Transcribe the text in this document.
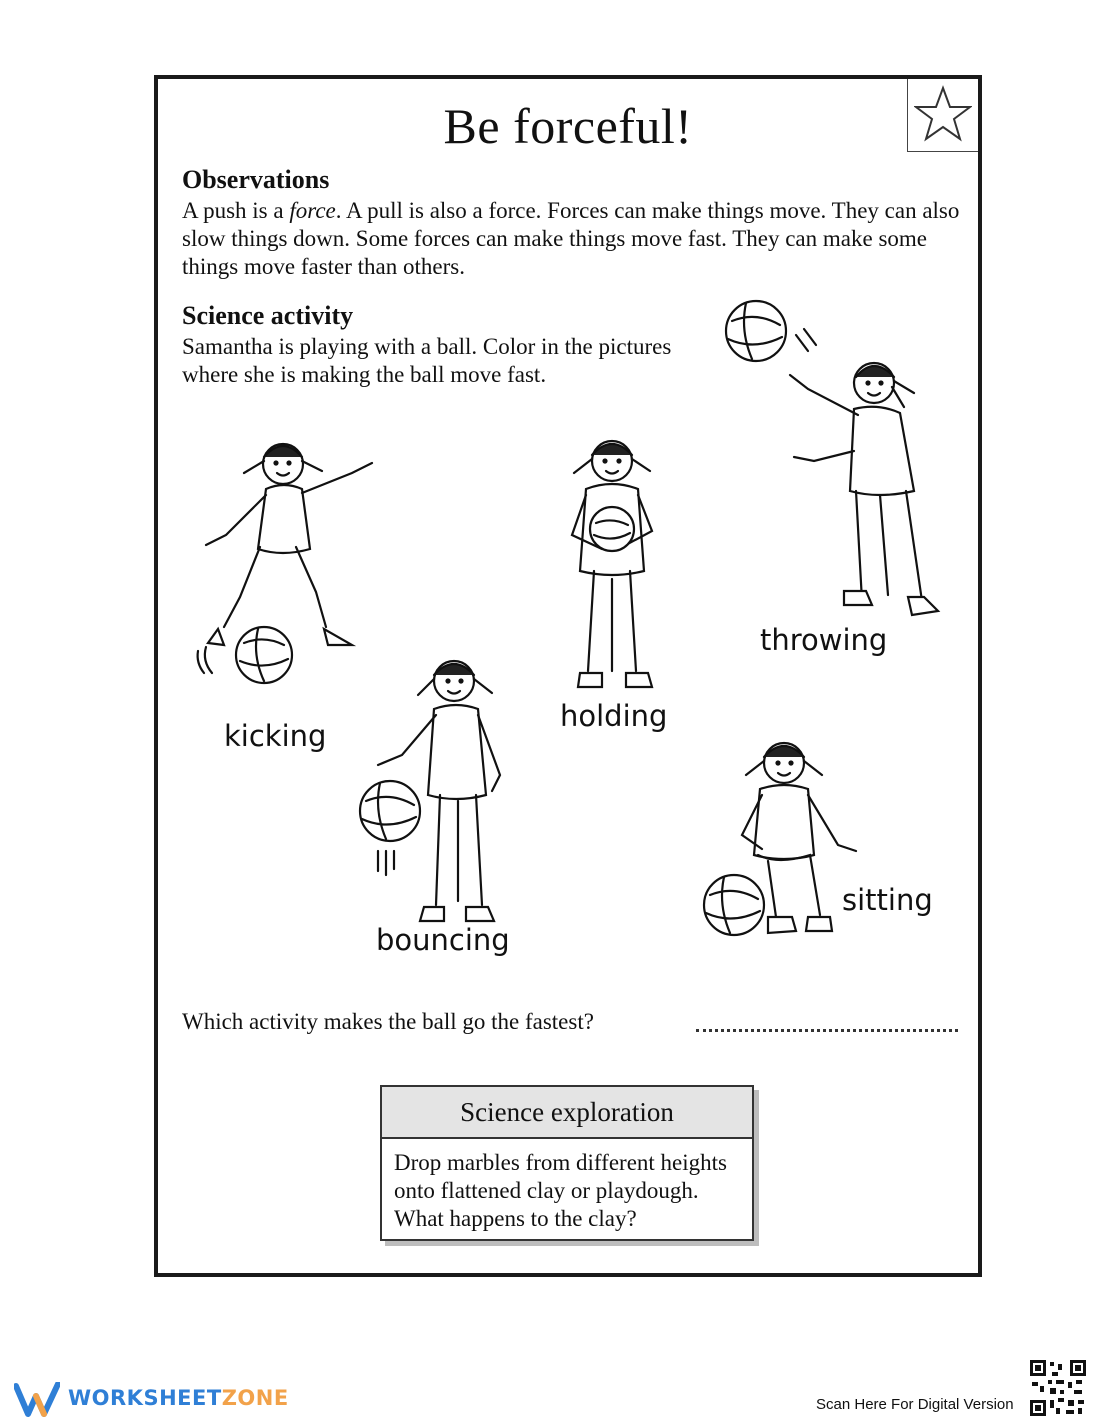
Be forceful!
Observations

A push is a force. A pull is also a force. Forces can make things move. They can also slow things down. Some forces can make things move fast. They can make some things move faster than others.

Science activity

Samantha is playing with a ball. Color in the pictures where she is making the ball move fast.

kicking
holding
throwing
bouncing
sitting
Which activity makes the ball go the fastest?
Science exploration

Drop marbles from different heights onto flattened clay or playdough. What happens to the clay?

WORKSHEETZONE	Scan Here For Digital Version
